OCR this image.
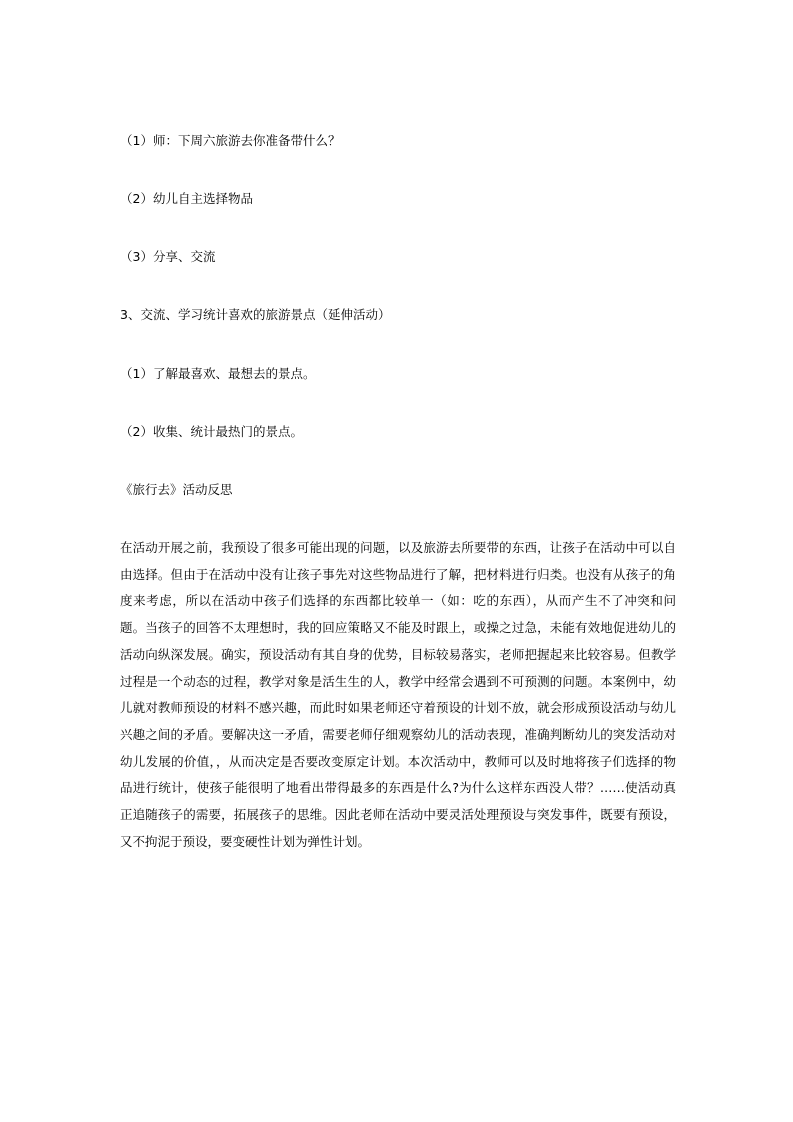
（1）师：下周六旅游去你准备带什么？
（2）幼儿自主选择物品
（3）分享、交流
3、交流、学习统计喜欢的旅游景点（延伸活动）
（1）了解最喜欢、最想去的景点。
（2）收集、统计最热门的景点。
《旅行去》活动反思

在活动开展之前，我预设了很多可能出现的问题，以及旅游去所要带的东西，让孩子在活动中可以自由选择。但由于在活动中没有让孩子事先对这些物品进行了解，把材料进行归类。也没有从孩子的角度来考虑，所以在活动中孩子们选择的东西都比较单一（如：吃的东西），从而产生不了冲突和问题。当孩子的回答不太理想时，我的回应策略又不能及时跟上，或操之过急，未能有效地促进幼儿的活动向纵深发展。确实，预设活动有其自身的优势，目标较易落实，老师把握起来比较容易。但教学过程是一个动态的过程，教学对象是活生生的人，教学中经常会遇到不可预测的问题。本案例中，幼儿就对教师预设的材料不感兴趣，而此时如果老师还守着预设的计划不放，就会形成预设活动与幼儿兴趣之间的矛盾。要解决这一矛盾，需要老师仔细观察幼儿的活动表现，准确判断幼儿的突发活动对幼儿发展的价值，，从而决定是否要改变原定计划。本次活动中，教师可以及时地将孩子们选择的物品进行统计，使孩子能很明了地看出带得最多的东西是什么?为什么这样东西没人带？……使活动真正追随孩子的需要，拓展孩子的思维。因此老师在活动中要灵活处理预设与突发事件，既要有预设，又不拘泥于预设，要变硬性计划为弹性计划。
